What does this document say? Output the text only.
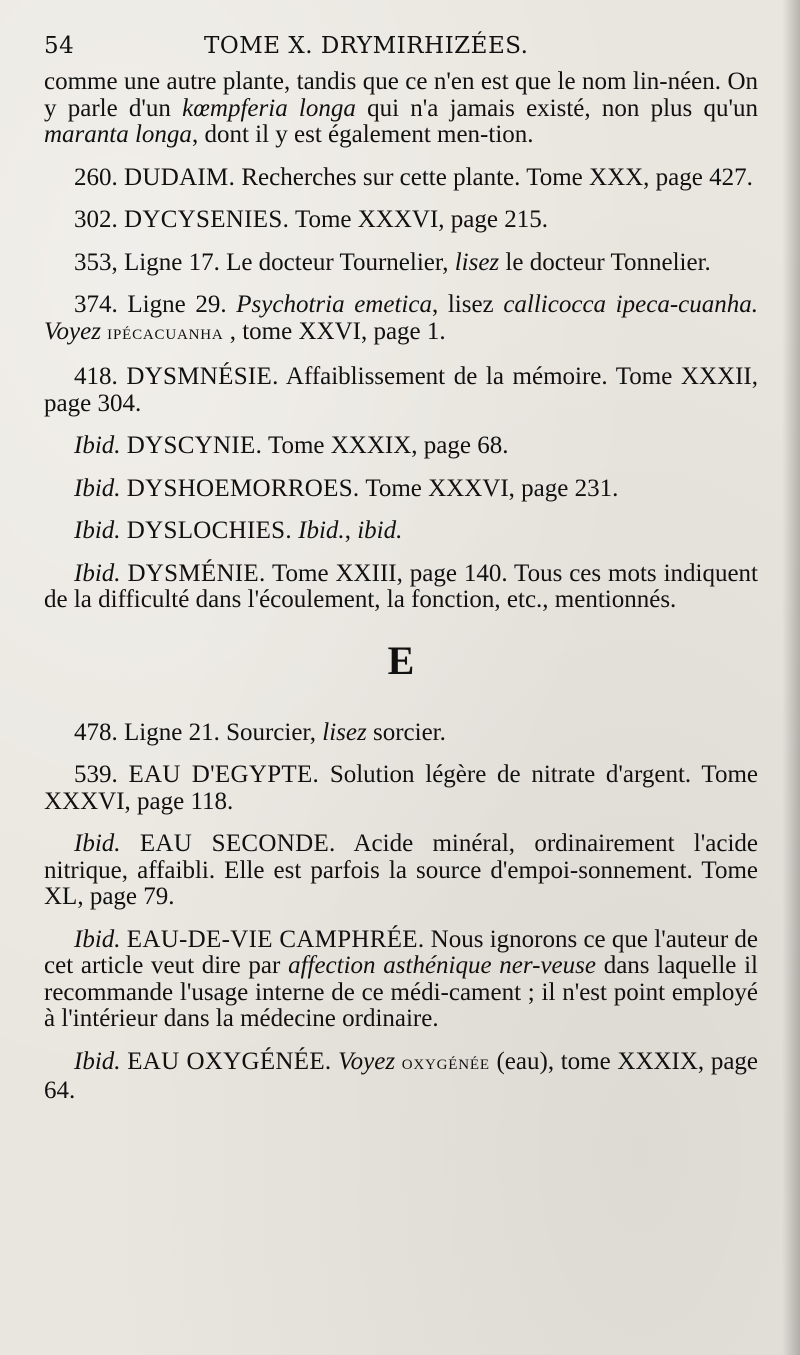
54	TOME X. DRYMIRHIZÉES.

comme une autre plante, tandis que ce n'en est que le nom lin-néen. On y parle d'un kœmpferia longa qui n'a jamais existé, non plus qu'un maranta longa, dont il y est également men-tion.

260. DUDAIM. Recherches sur cette plante. Tome XXX, page 427.

302. DYCYSENIES. Tome XXXVI, page 215.

353, Ligne 17. Le docteur Tournelier, lisez le docteur Tonnelier.

374. Ligne 29. Psychotria emetica, lisez callicocca ipeca-cuanha. Voyez IPÉCACUANHA , tome XXVI, page 1.

418. DYSMNÉSIE. Affaiblissement de la mémoire. Tome XXXII, page 304.

Ibid. DYSCYNIE. Tome XXXIX, page 68.

Ibid. DYSHOEMORROES. Tome XXXVI, page 231.

Ibid. DYSLOCHIES. Ibid., ibid.

Ibid. DYSMÉNIE. Tome XXIII, page 140. Tous ces mots indiquent de la difficulté dans l'écoulement, la fonction, etc., mentionnés.

E

478. Ligne 21. Sourcier, lisez sorcier.

539. EAU D'EGYPTE. Solution légère de nitrate d'argent. Tome XXXVI, page 118.

Ibid. EAU SECONDE. Acide minéral, ordinairement l'acide nitrique, affaibli. Elle est parfois la source d'empoi-sonnement. Tome XL, page 79.

Ibid. EAU-DE-VIE CAMPHRÉE. Nous ignorons ce que l'auteur de cet article veut dire par affection asthénique ner-veuse dans laquelle il recommande l'usage interne de ce médi-cament ; il n'est point employé à l'intérieur dans la médecine ordinaire.

Ibid. EAU OXYGÉNÉE. Voyez OXYGÉNÉE (eau), tome XXXIX, page 64.
